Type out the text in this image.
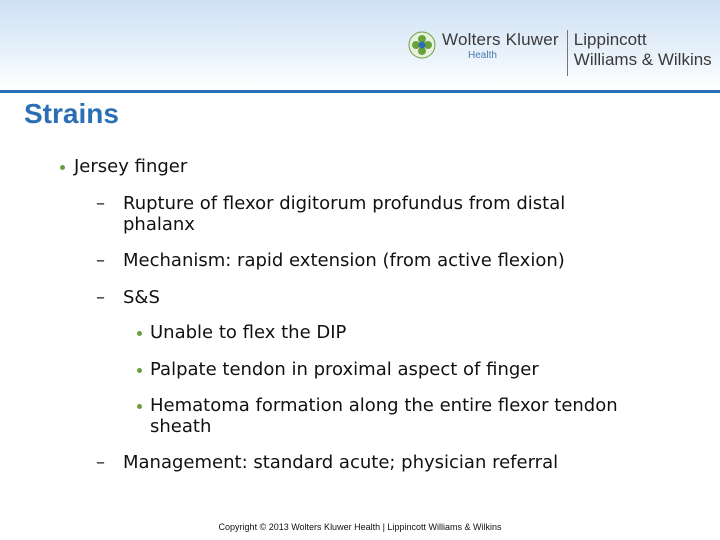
Wolters Kluwer
Health
Lippincott
Williams & Wilkins
Strains
Jersey finger
– Rupture of flexor digitorum profundus from distal
phalanx
– Mechanism: rapid extension (from active flexion)
– S&S
Unable to flex the DIP
Palpate tendon in proximal aspect of finger
Hematoma formation along the entire flexor tendon
sheath
– Management: standard acute; physician referral
Copyright © 2013 Wolters Kluwer Health | Lippincott Williams & Wilkins
